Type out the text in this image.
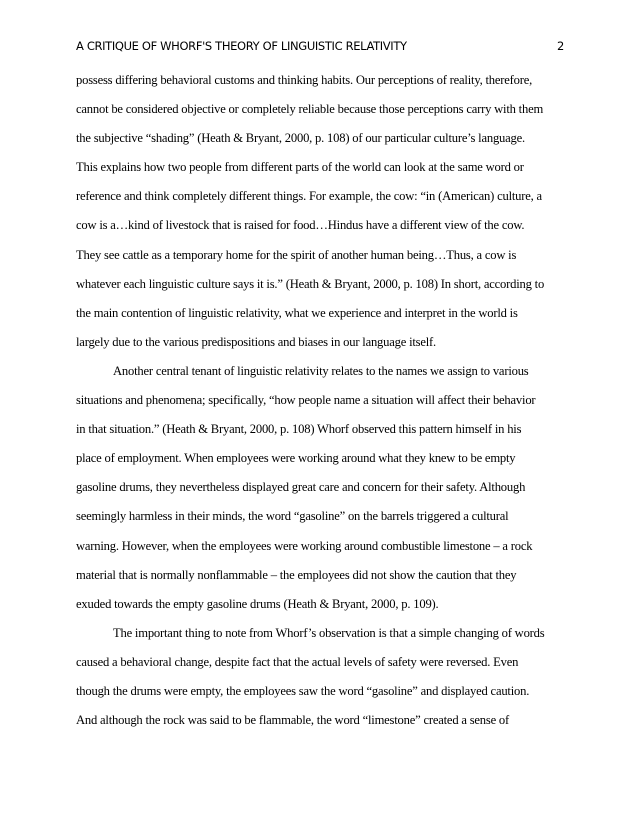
A CRITIQUE OF WHORF'S THEORY OF LINGUISTIC RELATIVITY	2
possess differing behavioral customs and thinking habits. Our perceptions of reality, therefore,
cannot be considered objective or completely reliable because those perceptions carry with them
the subjective “shading” (Heath & Bryant, 2000, p. 108) of our particular culture’s language.
This explains how two people from different parts of the world can look at the same word or
reference and think completely different things. For example, the cow: “in (American) culture, a
cow is a…kind of livestock that is raised for food…Hindus have a different view of the cow.
They see cattle as a temporary home for the spirit of another human being…Thus, a cow is
whatever each linguistic culture says it is.” (Heath & Bryant, 2000, p. 108) In short, according to
the main contention of linguistic relativity, what we experience and interpret in the world is
largely due to the various predispositions and biases in our language itself.
Another central tenant of linguistic relativity relates to the names we assign to various
situations and phenomena; specifically, “how people name a situation will affect their behavior
in that situation.” (Heath & Bryant, 2000, p. 108) Whorf observed this pattern himself in his
place of employment. When employees were working around what they knew to be empty
gasoline drums, they nevertheless displayed great care and concern for their safety. Although
seemingly harmless in their minds, the word “gasoline” on the barrels triggered a cultural
warning. However, when the employees were working around combustible limestone – a rock
material that is normally nonflammable – the employees did not show the caution that they
exuded towards the empty gasoline drums (Heath & Bryant, 2000, p. 109).
The important thing to note from Whorf’s observation is that a simple changing of words
caused a behavioral change, despite fact that the actual levels of safety were reversed. Even
though the drums were empty, the employees saw the word “gasoline” and displayed caution.
And although the rock was said to be flammable, the word “limestone” created a sense of
